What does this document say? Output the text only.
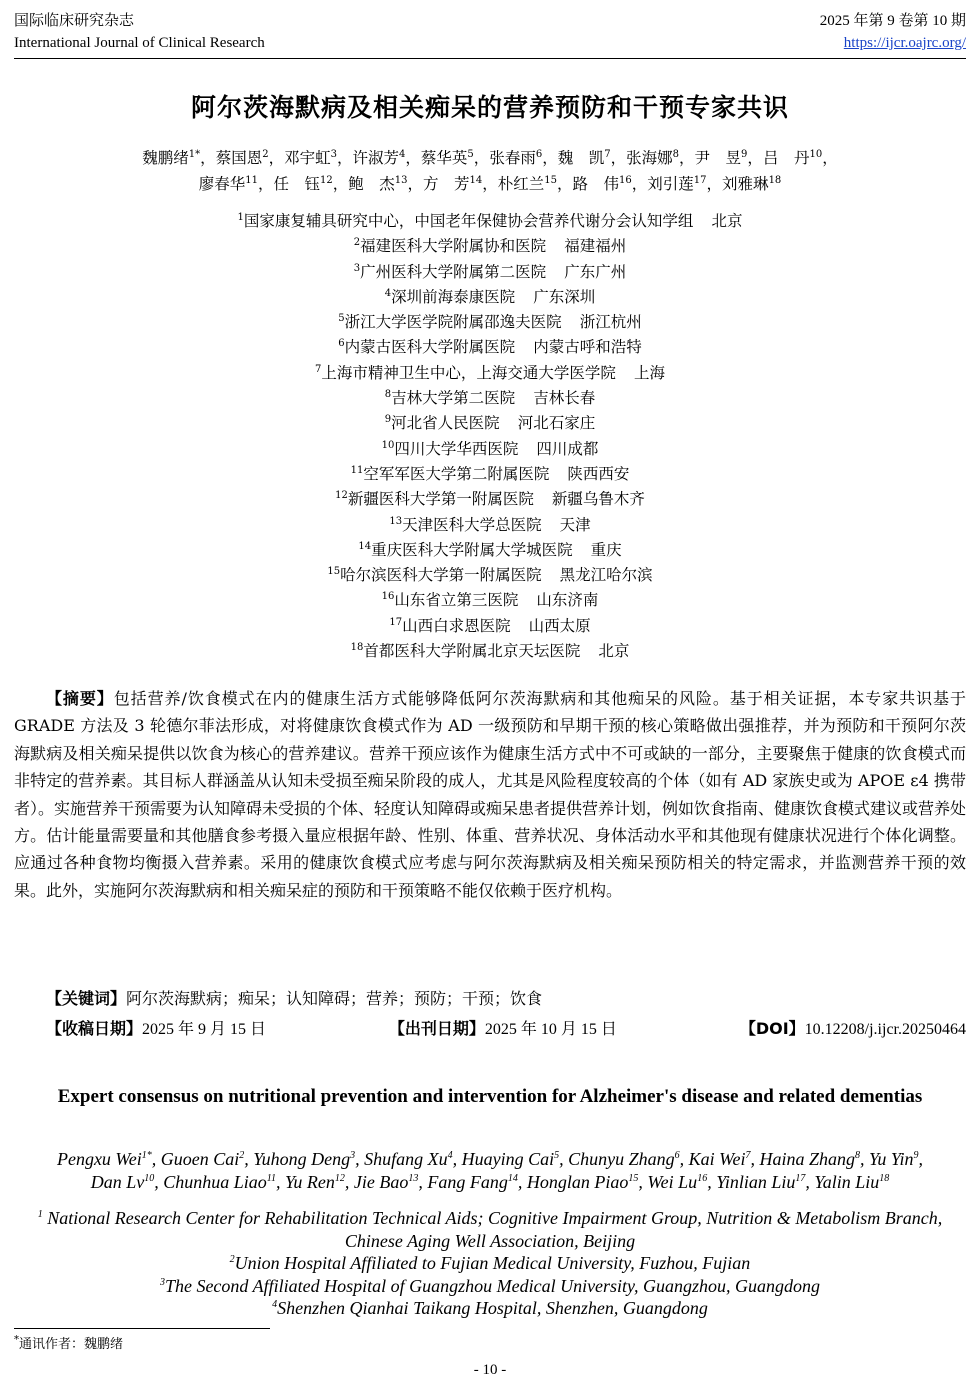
国际临床研究杂志
International Journal of Clinical Research
2025 年第 9 卷第 10 期
https://ijcr.oajrc.org/
阿尔茨海默病及相关痴呆的营养预防和干预专家共识
魏鹏绪$^{1*}$，蔡国恩$^2$，邓宇虹$^3$，许淑芳$^4$，蔡华英$^5$，张春雨$^6$，魏　凯$^7$，张海娜$^8$，尹　昱$^9$，吕　丹$^{10}$，
廖春华$^{11}$，任　钰$^{12}$，鲍　杰$^{13}$，方　芳$^{14}$，朴红兰$^{15}$，路　伟$^{16}$，刘引莲$^{17}$，刘雅琳$^{18}$
$^1$国家康复辅具研究中心，中国老年保健协会营养代谢分会认知学组 北京
$^2$福建医科大学附属协和医院 福建福州
$^3$广州医科大学附属第二医院 广东广州
$^4$深圳前海泰康医院 广东深圳
$^5$浙江大学医学院附属邵逸夫医院 浙江杭州
$^6$内蒙古医科大学附属医院 内蒙古呼和浩特
$^7$上海市精神卫生中心，上海交通大学医学院 上海
$^8$吉林大学第二医院 吉林长春
$^9$河北省人民医院 河北石家庄
$^{10}$四川大学华西医院 四川成都
$^{11}$空军军医大学第二附属医院 陕西西安
$^{12}$新疆医科大学第一附属医院 新疆乌鲁木齐
$^{13}$天津医科大学总医院 天津
$^{14}$重庆医科大学附属大学城医院 重庆
$^{15}$哈尔滨医科大学第一附属医院 黑龙江哈尔滨
$^{16}$山东省立第三医院 山东济南
$^{17}$山西白求恩医院 山西太原
$^{18}$首都医科大学附属北京天坛医院 北京

【摘要】包括营养/饮食模式在内的健康生活方式能够降低阿尔茨海默病和其他痴呆的风险。基于相关证据，本专家共识基于 GRADE 方法及 3 轮德尔菲法形成，对将健康饮食模式作为 AD 一级预防和早期干预的核心策略做出强推荐，并为预防和干预阿尔茨海默病及相关痴呆提供以饮食为核心的营养建议。营养干预应该作为健康生活方式中不可或缺的一部分，主要聚焦于健康的饮食模式而非特定的营养素。其目标人群涵盖从认知未受损至痴呆阶段的成人，尤其是风险程度较高的个体（如有 AD 家族史或为 APOE ε4 携带者）。实施营养干预需要为认知障碍未受损的个体、轻度认知障碍或痴呆患者提供营养计划，例如饮食指南、健康饮食模式建议或营养处方。估计能量需要量和其他膳食参考摄入量应根据年龄、性别、体重、营养状况、身体活动水平和其他现有健康状况进行个体化调整。应通过各种食物均衡摄入营养素。采用的健康饮食模式应考虑与阿尔茨海默病及相关痴呆预防相关的特定需求，并监测营养干预的效果。此外，实施阿尔茨海默病和相关痴呆症的预防和干预策略不能仅依赖于医疗机构。

【关键词】阿尔茨海默病；痴呆；认知障碍；营养；预防；干预；饮食
【收稿日期】2025 年 9 月 15 日	【出刊日期】2025 年 10 月 15 日	【DOI】10.12208/j.ijcr.20250464
Expert consensus on nutritional prevention and intervention for Alzheimer's disease and related dementias
Pengxu Wei$^{1*}$, Guoen Cai$^2$, Yuhong Deng$^3$, Shufang Xu$^4$, Huaying Cai$^5$, Chunyu Zhang$^6$, Kai Wei$^7$, Haina Zhang$^8$, Yu Yin$^9$,
Dan Lv$^{10}$, Chunhua Liao$^{11}$, Yu Ren$^{12}$, Jie Bao$^{13}$, Fang Fang$^{14}$, Honglan Piao$^{15}$, Wei Lu$^{16}$, Yinlian Liu$^{17}$, Yalin Liu$^{18}$
$^1$ National Research Center for Rehabilitation Technical Aids; Cognitive Impairment Group, Nutrition & Metabolism Branch, Chinese Aging Well Association, Beijing
$^2$Union Hospital Affiliated to Fujian Medical University, Fuzhou, Fujian
$^3$The Second Affiliated Hospital of Guangzhou Medical University, Guangzhou, Guangdong
$^4$Shenzhen Qianhai Taikang Hospital, Shenzhen, Guangdong
*通讯作者：魏鹏绪
- 10 -
